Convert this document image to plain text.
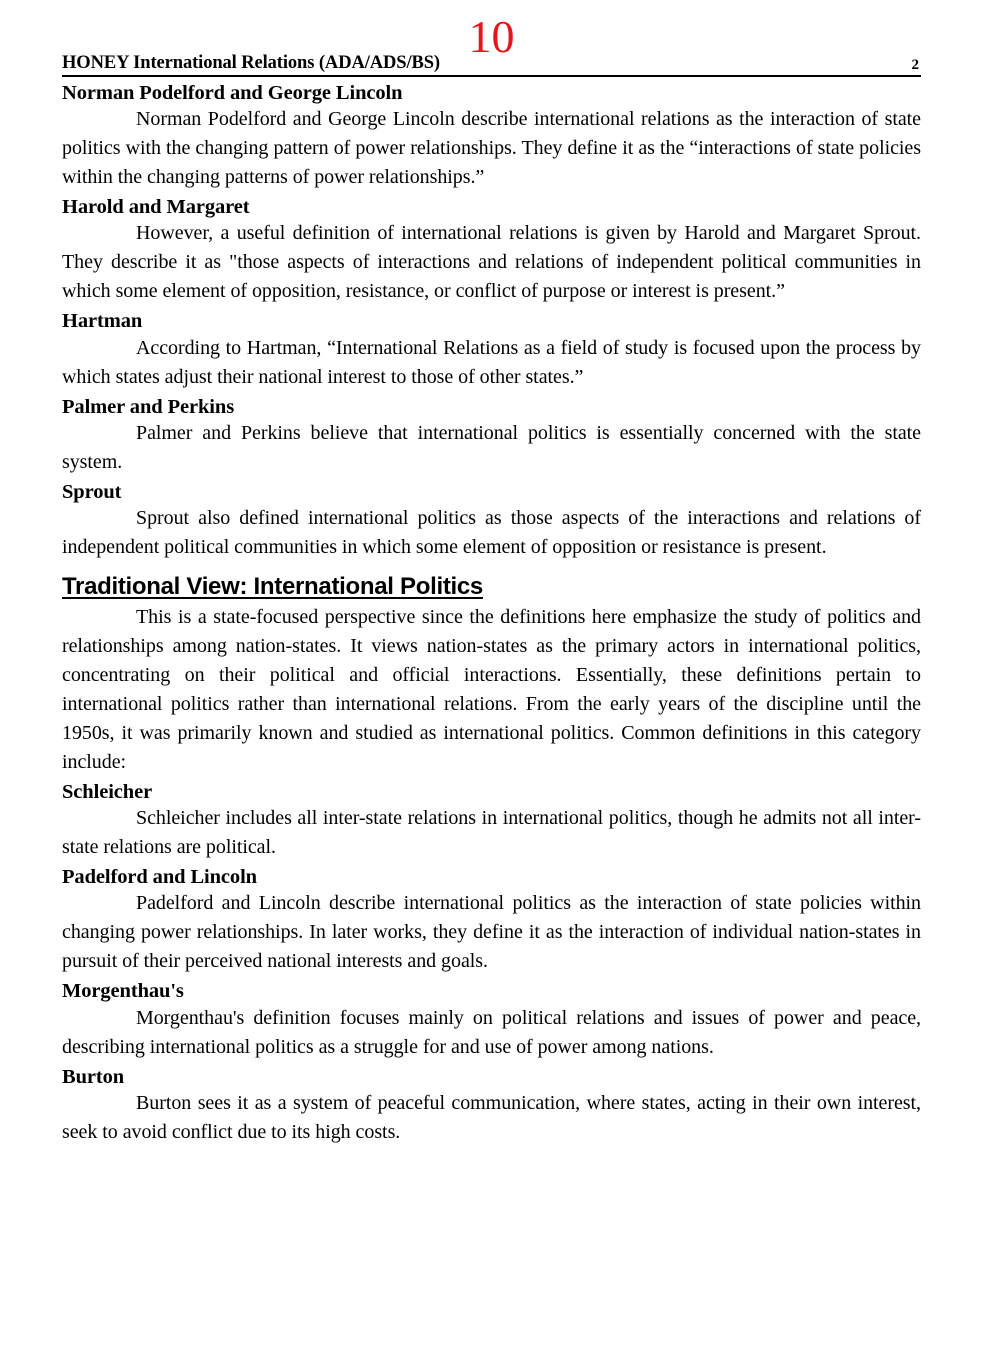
10
HONEY International Relations (ADA/ADS/BS)	2
Norman Podelford and George Lincoln

Norman Podelford and George Lincoln describe international relations as the interaction of state politics with the changing pattern of power relationships. They define it as the “interactions of state policies within the changing patterns of power relationships.”

Harold and Margaret

However, a useful definition of international relations is given by Harold and Margaret Sprout. They describe it as "those aspects of interactions and relations of independent political communities in which some element of opposition, resistance, or conflict of purpose or interest is present.”

Hartman

According to Hartman, “International Relations as a field of study is focused upon the process by which states adjust their national interest to those of other states.”

Palmer and Perkins

Palmer and Perkins believe that international politics is essentially concerned with the state system.

Sprout

Sprout also defined international politics as those aspects of the interactions and relations of independent political communities in which some element of opposition or resistance is present.

Traditional View: International Politics

This is a state-focused perspective since the definitions here emphasize the study of politics and relationships among nation-states. It views nation-states as the primary actors in international politics, concentrating on their political and official interactions. Essentially, these definitions pertain to international politics rather than international relations. From the early years of the discipline until the 1950s, it was primarily known and studied as international politics. Common definitions in this category include:

Schleicher

Schleicher includes all inter-state relations in international politics, though he admits not all inter-state relations are political.

Padelford and Lincoln

Padelford and Lincoln describe international politics as the interaction of state policies within changing power relationships. In later works, they define it as the interaction of individual nation-states in pursuit of their perceived national interests and goals.

Morgenthau's

Morgenthau's definition focuses mainly on political relations and issues of power and peace, describing international politics as a struggle for and use of power among nations.

Burton

Burton sees it as a system of peaceful communication, where states, acting in their own interest, seek to avoid conflict due to its high costs.
